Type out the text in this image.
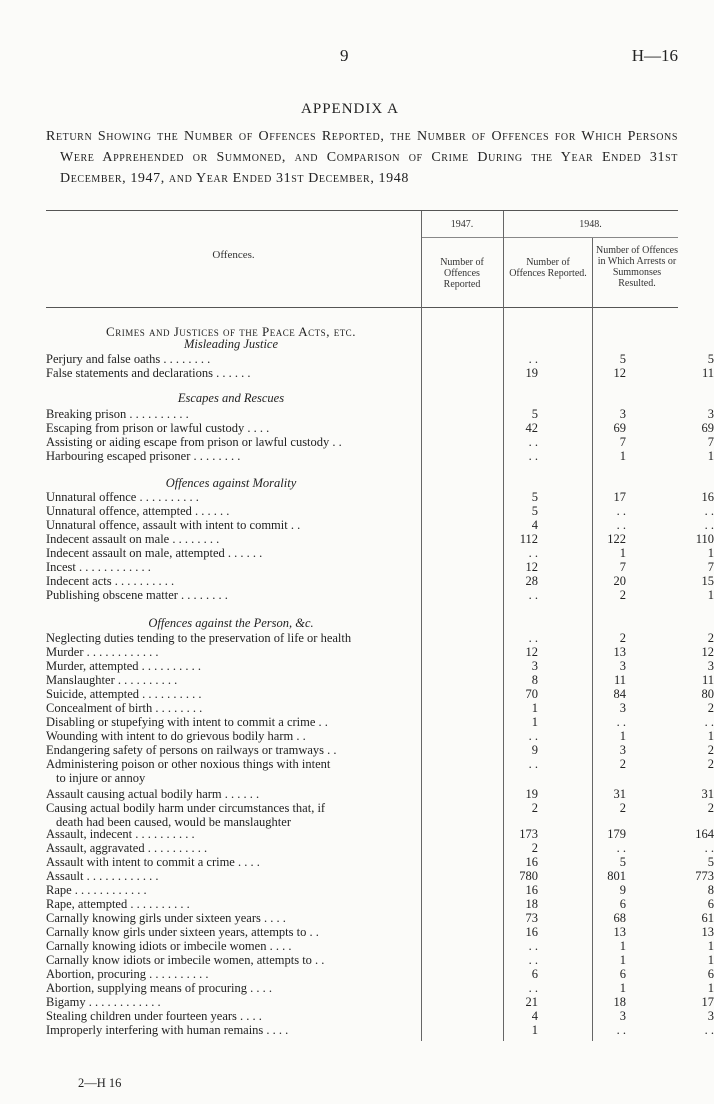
9	H—16
APPENDIX A
Return Showing the Number of Offences Reported, the Number of Offences for Which Persons Were Apprehended or Summoned, and Comparison of Crime During the Year Ended 31st December, 1947, and Year Ended 31st December, 1948
Offences.
1947.	1948.
Number of Offences Reported
Number of Offences Reported.
Number of Offences in Which Arrests or Summonses Resulted.
Crimes and Justices of the Peace Acts, etc.
Misleading Justice
Escapes and Rescues
Offences against Morality
Offences against the Person, &c.
Perjury and false oaths . . . . . . . .	. .	5	5
False statements and declarations . . . . . .	19	12	11
Breaking prison . . . . . . . . . .	5	3	3
Escaping from prison or lawful custody . . . .	42	69	69
Assisting or aiding escape from prison or lawful custody . .	. .	7	7
Harbouring escaped prisoner . . . . . . . .	. .	1	1
Unnatural offence . . . . . . . . . .	5	17	16
Unnatural offence, attempted . . . . . .	5	. .	. .
Unnatural offence, assault with intent to commit . .	4	. .	. .
Indecent assault on male . . . . . . . .	112	122	110
Indecent assault on male, attempted . . . . . .	. .	1	1
Incest . . . . . . . . . . . .	12	7	7
Indecent acts . . . . . . . . . .	28	20	15
Publishing obscene matter . . . . . . . .	. .	2	1
Neglecting duties tending to the preservation of life or health	. .	2	2
Murder . . . . . . . . . . . .	12	13	12
Murder, attempted . . . . . . . . . .	3	3	3
Manslaughter . . . . . . . . . .	8	11	11
Suicide, attempted . . . . . . . . . .	70	84	80
Concealment of birth . . . . . . . .	1	3	2
Disabling or stupefying with intent to commit a crime . .	1	. .	. .
Wounding with intent to do grievous bodily harm . .	. .	1	1
Endangering safety of persons on railways or tramways . .	9	3	2
Administering poison or other noxious things with intent	. .	2	2
to injure or annoy
Assault causing actual bodily harm . . . . . .	19	31	31
Causing actual bodily harm under circumstances that, if	2	2	2
death had been caused, would be manslaughter
Assault, indecent . . . . . . . . . .	173	179	164
Assault, aggravated . . . . . . . . . .	2	. .	. .
Assault with intent to commit a crime . . . .	16	5	5
Assault . . . . . . . . . . . .	780	801	773
Rape . . . . . . . . . . . .	16	9	8
Rape, attempted . . . . . . . . . .	18	6	6
Carnally knowing girls under sixteen years . . . .	73	68	61
Carnally know girls under sixteen years, attempts to . .	16	13	13
Carnally knowing idiots or imbecile women . . . .	. .	1	1
Carnally know idiots or imbecile women, attempts to . .	. .	1	1
Abortion, procuring . . . . . . . . . .	6	6	6
Abortion, supplying means of procuring . . . .	. .	1	1
Bigamy . . . . . . . . . . . .	21	18	17
Stealing children under fourteen years . . . .	4	3	3
Improperly interfering with human remains . . . .	1	. .	. .
2—H 16
